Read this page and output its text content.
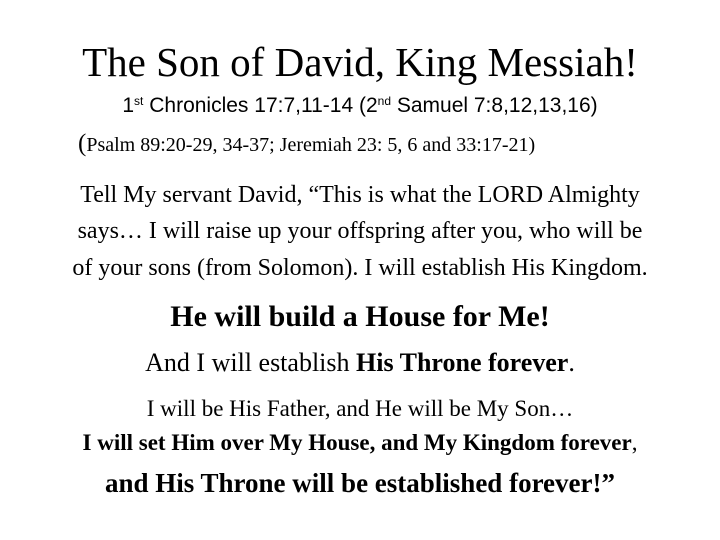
The Son of David, King Messiah!
1st Chronicles 17:7,11-14 (2nd Samuel 7:8,12,13,16)
(Psalm 89:20-29, 34-37; Jeremiah 23: 5, 6 and 33:17-21)
Tell My servant David, “This is what the LORD Almighty
says… I will raise up your offspring after you, who will be
of your sons (from Solomon). I will establish His Kingdom.
He will build a House for Me!
And I will establish His Throne forever.
I will be His Father, and He will be My Son…
I will set Him over My House, and My Kingdom forever,
and His Throne will be established forever!”
